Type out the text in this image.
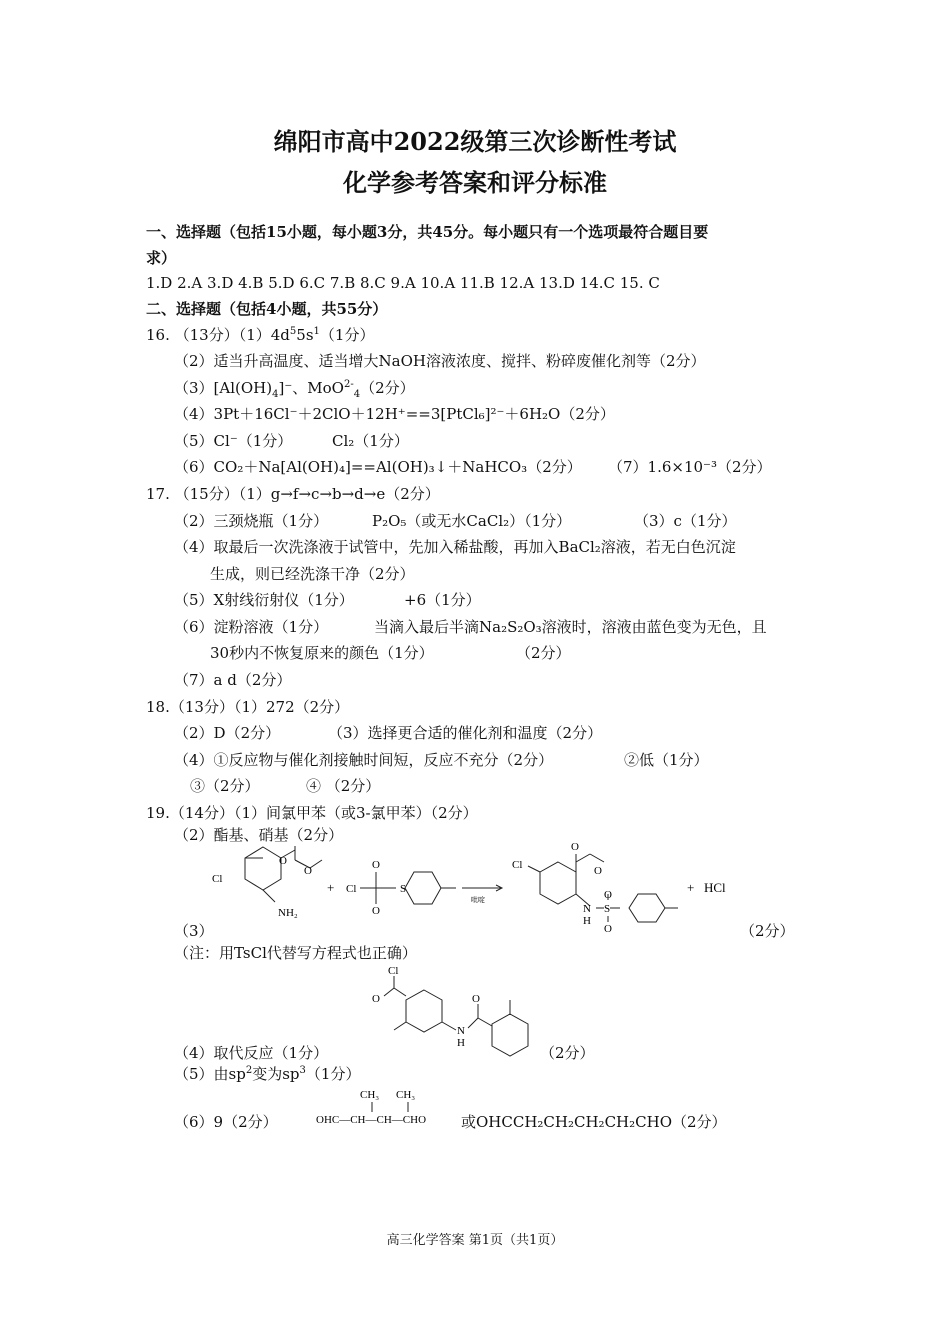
绵阳市高中2022级第三次诊断性考试
化学参考答案和评分标准
一、选择题（包括15小题，每小题3分，共45分。每小题只有一个选项最符合题目要
求）
1.D 2.A 3.D 4.B 5.D 6.C 7.B 8.C 9.A 10.A 11.B 12.A 13.D 14.C 15. C
二、选择题（包括4小题，共55分）
16. （13分）$(1)4d^55s^1(1$分）
（2）适当升高温度、适当增大NaOH溶液浓度、搅拌、粉碎废催化剂等（2分）
$(3)[Al(OH)_4]^-$、MoO$^{2-}_4$（2分）
（4）3Pt＋16Cl⁻＋2ClO＋12H⁺==3[PtCl₆]²⁻＋6H₂O（2分）
（5）Cl⁻（1分）	Cl₂（1分）
（6）CO₂＋Na[Al(OH)₄]==Al(OH)₃↓＋NaHCO₃（2分） （7）1.6×10⁻³（2分）
17. （15分）（1）g→f→c→b→d→e（2分）
（2）三颈烧瓶（1分）	P₂O₅（或无水CaCl₂）（1分）	（3）c（1分）
（4）取最后一次洗涤液于试管中，先加入稀盐酸，再加入BaCl₂溶液，若无白色沉淀
生成，则已经洗涤干净（2分）
（5）X射线衍射仪（1分）	+6（1分）
（6）淀粉溶液（1分）	当滴入最后半滴Na₂S₂O₃溶液时，溶液由蓝色变为无色，且
30秒内不恢复原来的颜色（1分）	（2分）
（7）a d（2分）
18.（13分）（1）272（2分）
（2）D（2分）	（3）选择更合适的催化剂和温度（2分）
（4）①反应物与催化剂接触时间短，反应不充分（2分）	②低（1分）
③（2分）	④ （2分）
19.（14分）（1）间氯甲苯（或3-氯甲苯）（2分）
（2）酯基、硝基（2分）
Cl
O
O
NH₂
+ Cl
O
O
S
吡啶
Cl
O
O
N
H
S
O
O
+ HCl
（3）	（2分）
（注：用TsCl代替写方程式也正确）
Cl
O	O
N
H
（4）取代反应（1分）	（2分）
（5）由$sp^2$变为$sp^3(1$分）
（6）9（2分）
CH₃ CH₃
OHC—CH—CH—CHO 或OHCCH₂CH₂CH₂CH₂CHO（2分）
高三化学答案 第1页（共1页）
